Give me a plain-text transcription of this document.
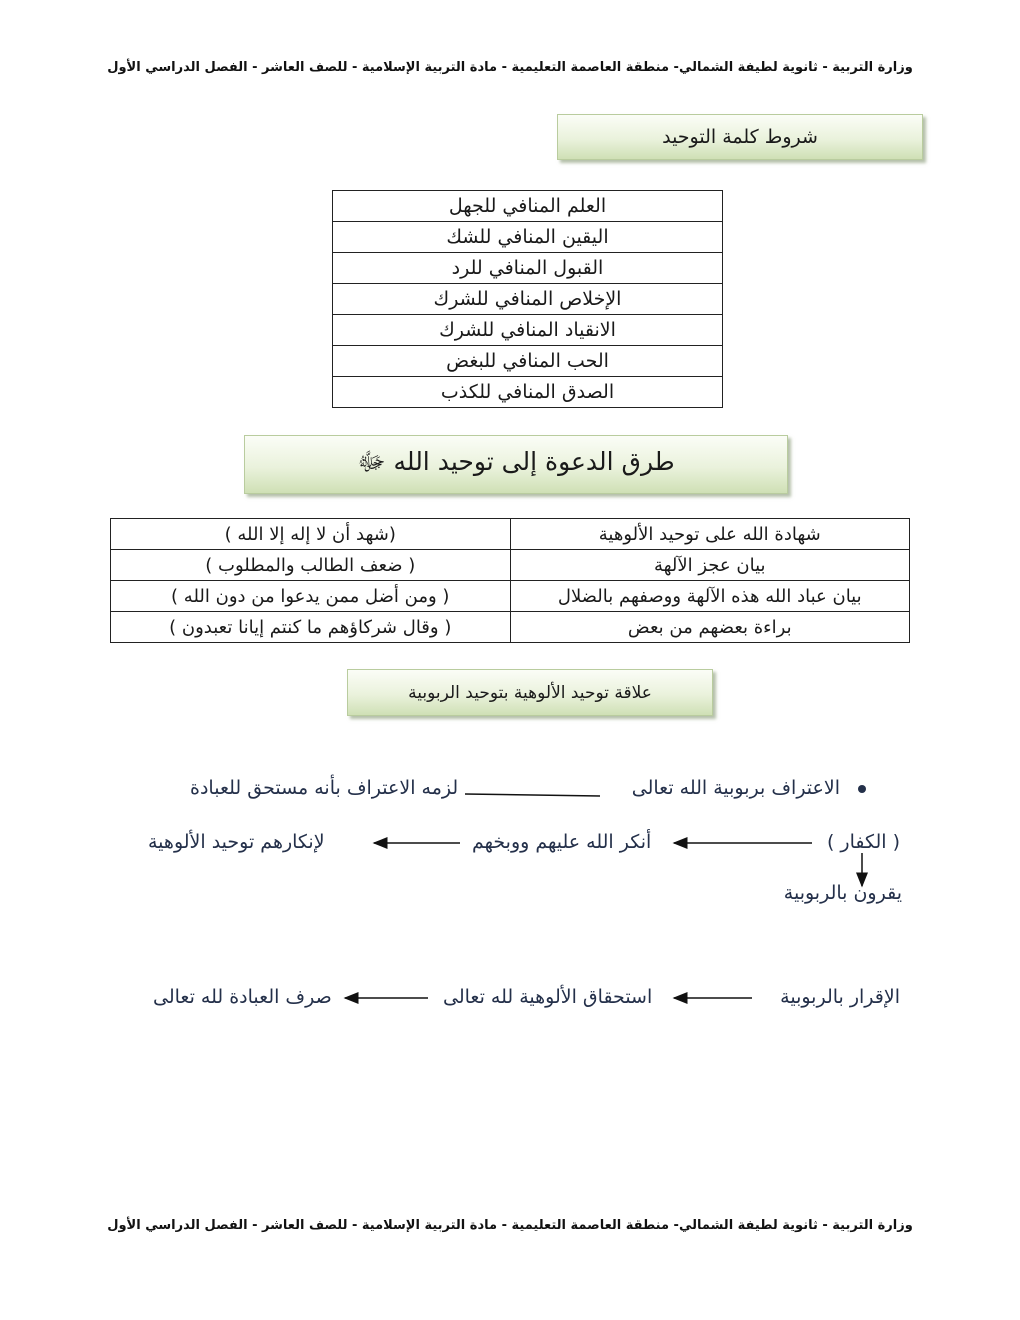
وزارة التربية - ثانوية لطيفة الشمالي- منطقة العاصمة التعليمية - مادة التربية الإسلامية - للصف العاشر - الفصل الدراسي الأول
شروط كلمة التوحيد
العلم المنافي للجهل
اليقين المنافي للشك
القبول المنافي للرد
الإخلاص المنافي للشرك
الانقياد المنافي للشرك
الحب المنافي للبغض
الصدق المنافي للكذب
طرق الدعوة إلى توحيد الله ﷻ
شهادة الله على توحيد الألوهية	(شهد أن لا إله إلا الله )
بيان عجز الآلهة	( ضعف الطالب والمطلوب )
بيان عباد الله هذه الآلهة ووصفهم بالضلال	( ومن أضل ممن يدعوا من دون الله )
براءة بعضهم من بعض	( وقال شركاؤهم ما كنتم إيانا تعبدون )
علاقة توحيد الألوهية بتوحيد الربوبية
الاعتراف بربوبية الله تعالى
لزمه الاعتراف بأنه مستحق للعبادة
( الكفار )
أنكر الله عليهم ووبخهم
لإنكارهم توحيد الألوهية
يقرون بالربوبية
الإقرار بالربوبية
استحقاق الألوهية لله تعالى
صرف العبادة لله تعالى
وزارة التربية - ثانوية لطيفة الشمالي- منطقة العاصمة التعليمية - مادة التربية الإسلامية - للصف العاشر - الفصل الدراسي الأول
